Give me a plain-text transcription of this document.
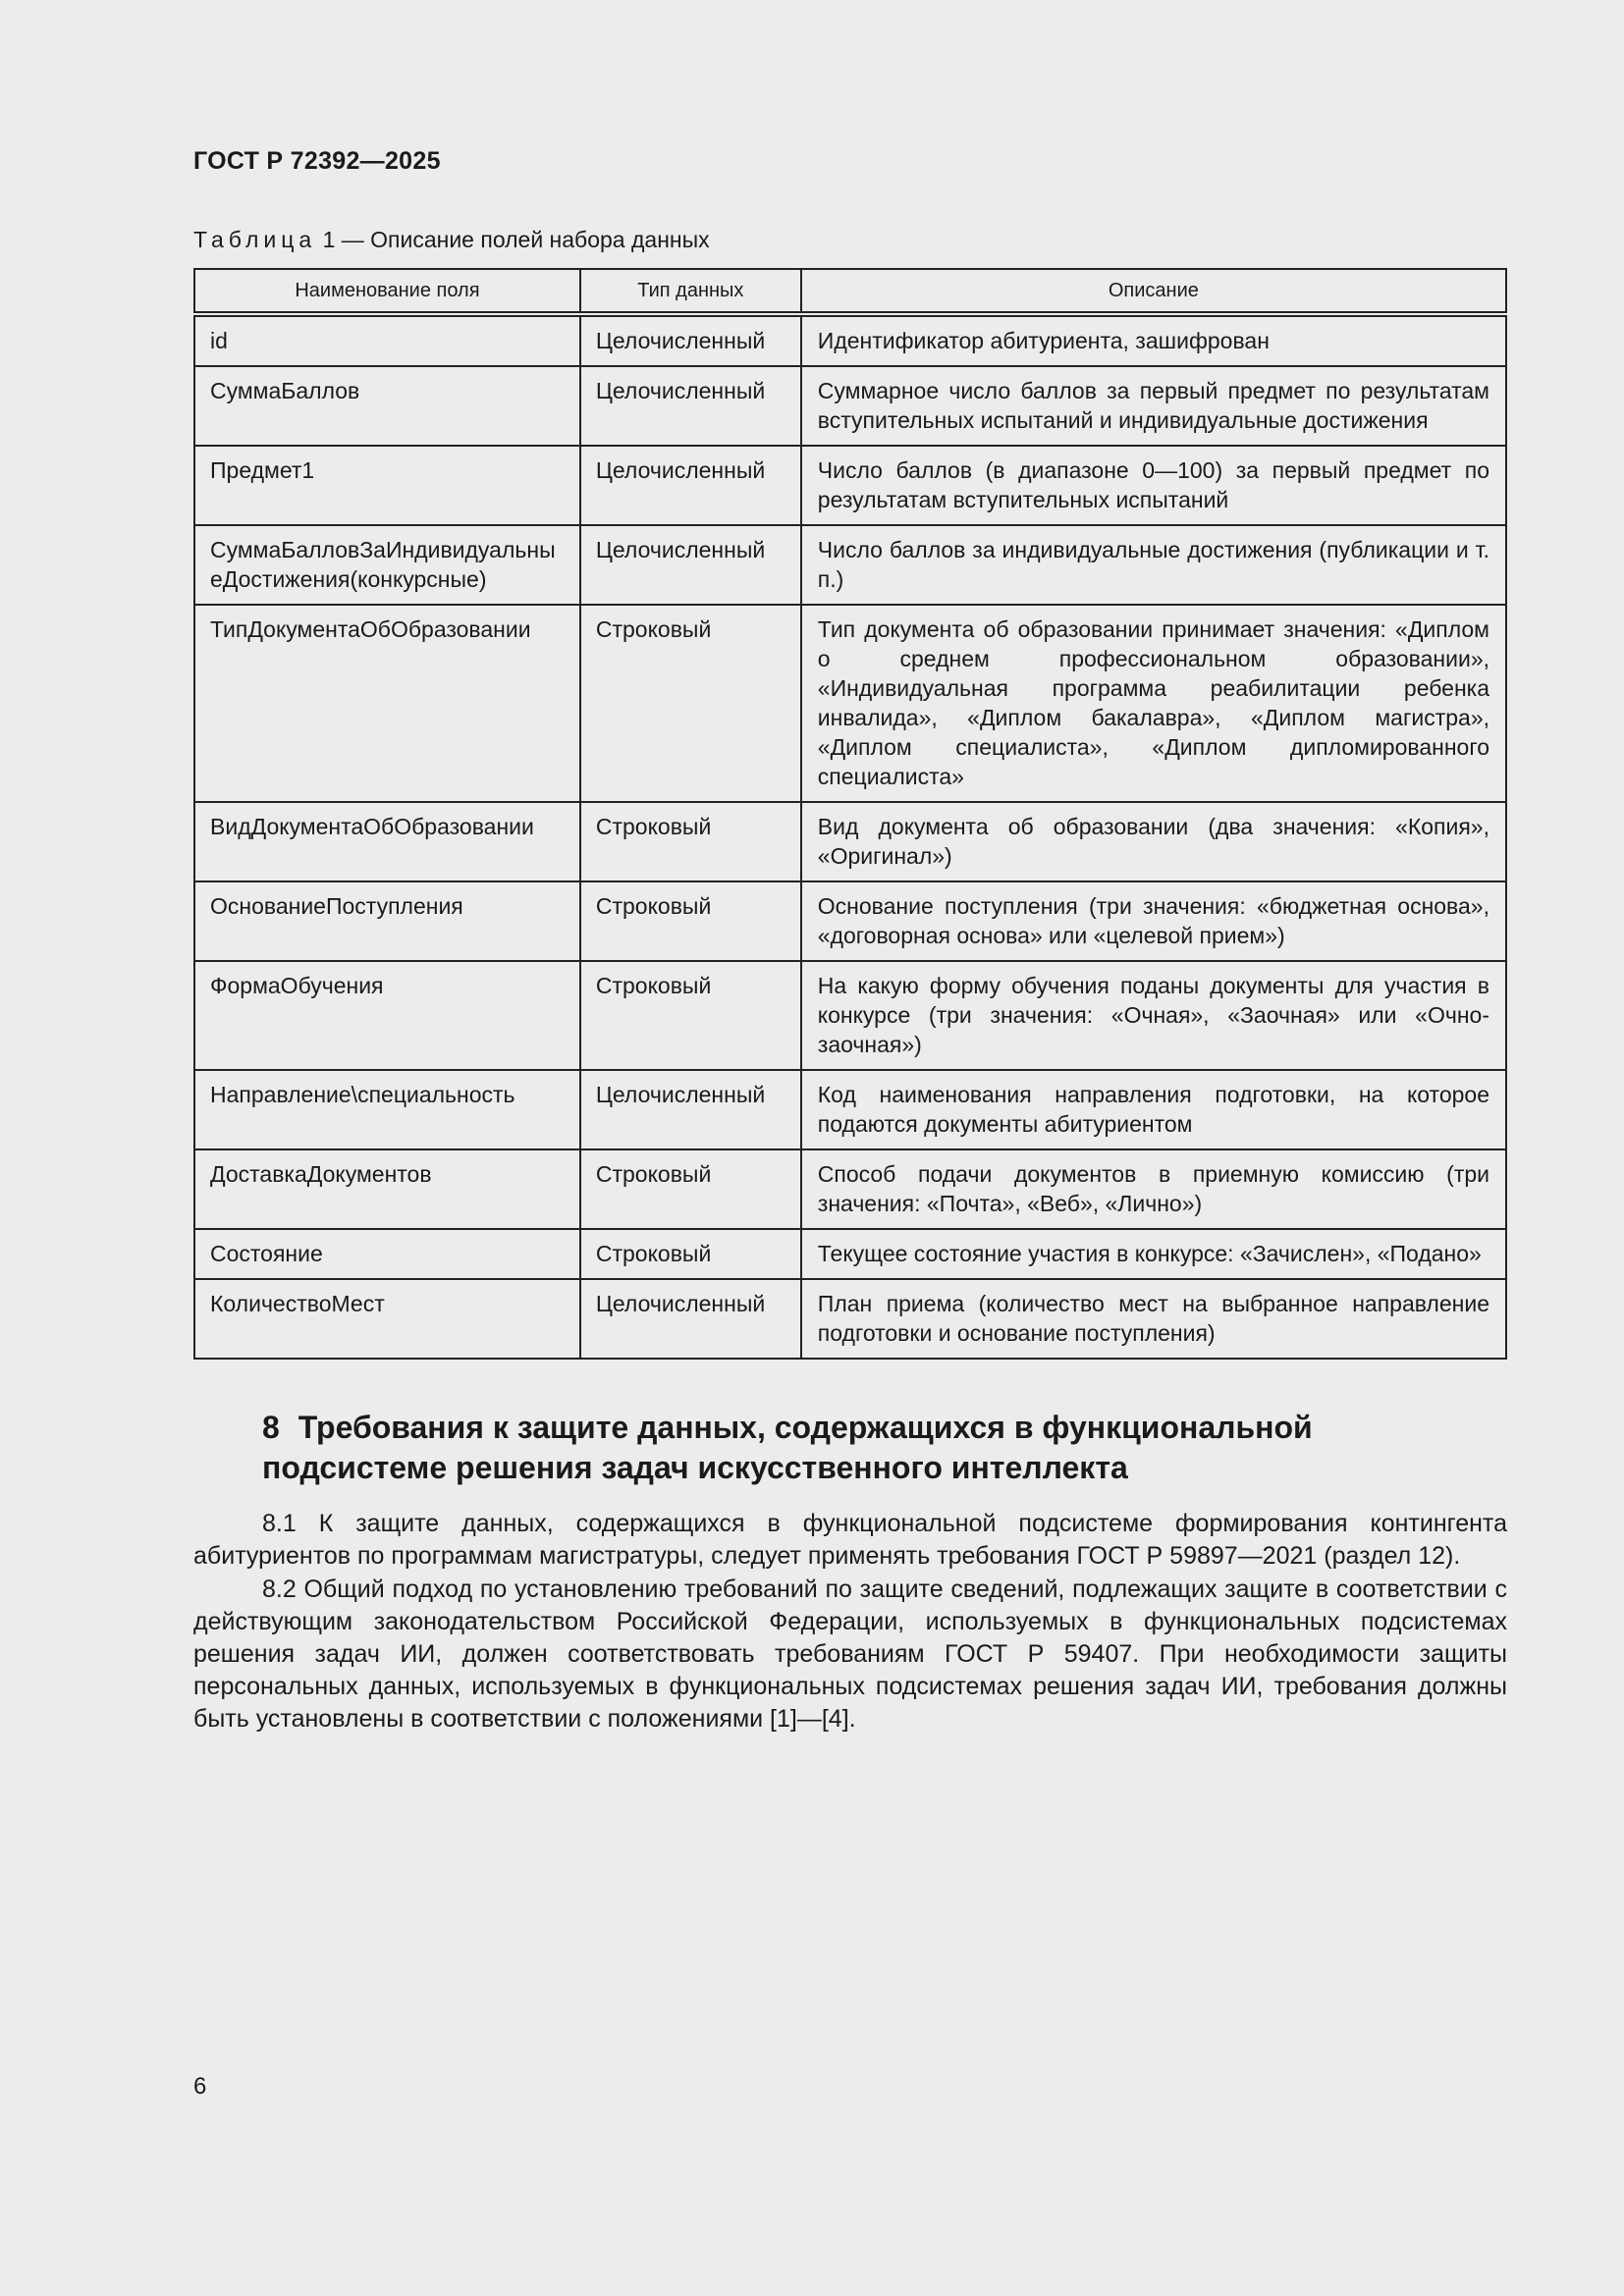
ГОСТ Р 72392—2025
Таблица 1 — Описание полей набора данных
Наименование поля	Тип данных	Описание
id	Целочисленный	Идентификатор абитуриента, зашифрован
СуммаБаллов	Целочисленный	Суммарное число баллов за первый предмет по результатам вступительных испытаний и индивидуальные достижения
Предмет1	Целочисленный	Число баллов (в диапазоне 0—100) за первый предмет по результатам вступительных испытаний
СуммаБалловЗаИндивидуальныеДостижения(конкурсные)	Целочисленный	Число баллов за индивидуальные достижения (публикации и т. п.)
ТипДокументаОбОбразовании	Строковый	Тип документа об образовании принимает значения: «Диплом о среднем профессиональном образовании», «Индивидуальная программа реабилитации ребенка инвалида», «Диплом бакалавра», «Диплом магистра», «Диплом специалиста», «Диплом дипломированного специалиста»
ВидДокументаОбОбразовании	Строковый	Вид документа об образовании (два значения: «Копия», «Оригинал»)
ОснованиеПоступления	Строковый	Основание поступления (три значения: «бюджетная основа», «договорная основа» или «целевой прием»)
ФормаОбучения	Строковый	На какую форму обучения поданы документы для участия в конкурсе (три значения: «Очная», «Заочная» или «Очно-заочная»)
Направление\специальность	Целочисленный	Код наименования направления подготовки, на которое подаются документы абитуриентом
ДоставкаДокументов	Строковый	Способ подачи документов в приемную комиссию (три значения: «Почта», «Веб», «Лично»)
Состояние	Строковый	Текущее состояние участия в конкурсе: «Зачислен», «Подано»
КоличествоМест	Целочисленный	План приема (количество мест на выбранное направление подготовки и основание поступления)
8 Требования к защите данных, содержащихся в функциональной подсистеме решения задач искусственного интеллекта

8.1 К защите данных, содержащихся в функциональной подсистеме формирования контингента абитуриентов по программам магистратуры, следует применять требования ГОСТ Р 59897—2021 (раздел 12).

8.2 Общий подход по установлению требований по защите сведений, подлежащих защите в соответствии с действующим законодательством Российской Федерации, используемых в функциональных подсистемах решения задач ИИ, должен соответствовать требованиям ГОСТ Р 59407. При необходимости защиты персональных данных, используемых в функциональных подсистемах решения задач ИИ, требования должны быть установлены в соответствии с положениями [1]—[4].

6
